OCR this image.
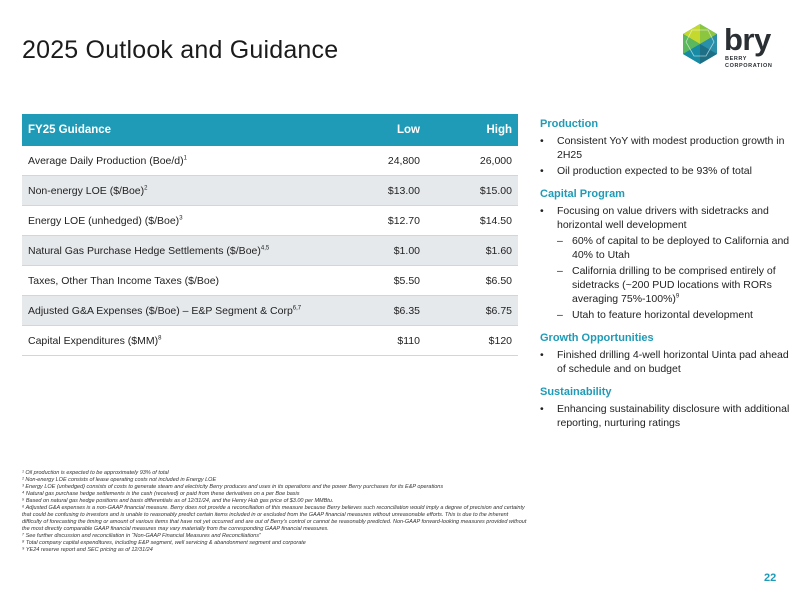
2025 Outlook and Guidance	bry
BERRY
CORPORATION
FY25 Guidance	Low	High
Average Daily Production $(Boe/d)^1$	24,800	26,000
Non-energy LOE ($/Boe)$^2$	$13.00	$15.00
Energy LOE (unhedged) ($/Boe)$^3$	$12.70	$14.50
Natural Gas Purchase Hedge Settlements ($/Boe)$^{4,5}$	$1.00	$1.60
Taxes, Other Than Income Taxes ($/Boe)	$5.50	$6.50
Adjusted G&A Expenses ($/Boe) – E&P Segment & Corp$^{6,7}$	$6.35	$6.75
Capital Expenditures ($MM)$^8$	$110	$120
Production
• Consistent YoY with modest production growth in 2H25
• Oil production expected to be 93% of total
Capital Program
• Focusing on value drivers with sidetracks and horizontal well development
– 60% of capital to be deployed to California and 40% to Utah
– California drilling to be comprised entirely of sidetracks (~200 PUD locations with RORs averaging 75%-100%)$^9$
– Utah to feature horizontal development
Growth Opportunities
• Finished drilling 4-well horizontal Uinta pad ahead of schedule and on budget
Sustainability
• Enhancing sustainability disclosure with additional reporting, nurturing ratings
¹ Oil production is expected to be approximately 93% of total
² Non-energy LOE consists of lease operating costs not included in Energy LOE
³ Energy LOE (unhedged) consists of costs to generate steam and electricity Berry produces and uses in its operations and the power Berry purchases for its E&P operations
⁴ Natural gas purchase hedge settlements is the cash (received) or paid from these derivatives on a per Boe basis
⁵ Based on natural gas hedge positions and basis differentials as of 12/31/24, and the Henry Hub gas price of $3.00 per MMBtu.
⁶ Adjusted G&A expenses is a non-GAAP financial measure. Berry does not provide a reconciliation of this measure because Berry believes such reconciliation would imply a degree of precision and certainty
that could be confusing to investors and is unable to reasonably predict certain items included in or excluded from the GAAP financial measures without unreasonable efforts. This is due to the inherent
difficulty of forecasting the timing or amount of various items that have not yet occurred and are out of Berry's control or cannot be reasonably predicted. Non-GAAP forward-looking measures provided without
the most directly comparable GAAP financial measures may vary materially from the corresponding GAAP financial measures.
⁷ See further discussion and reconciliation in “Non-GAAP Financial Measures and Reconciliations”
⁸ Total company capital expenditures, including E&P segment, well servicing & abandonment segment and corporate
⁹ YE24 reserve report and SEC pricing as of 12/31/24
22
